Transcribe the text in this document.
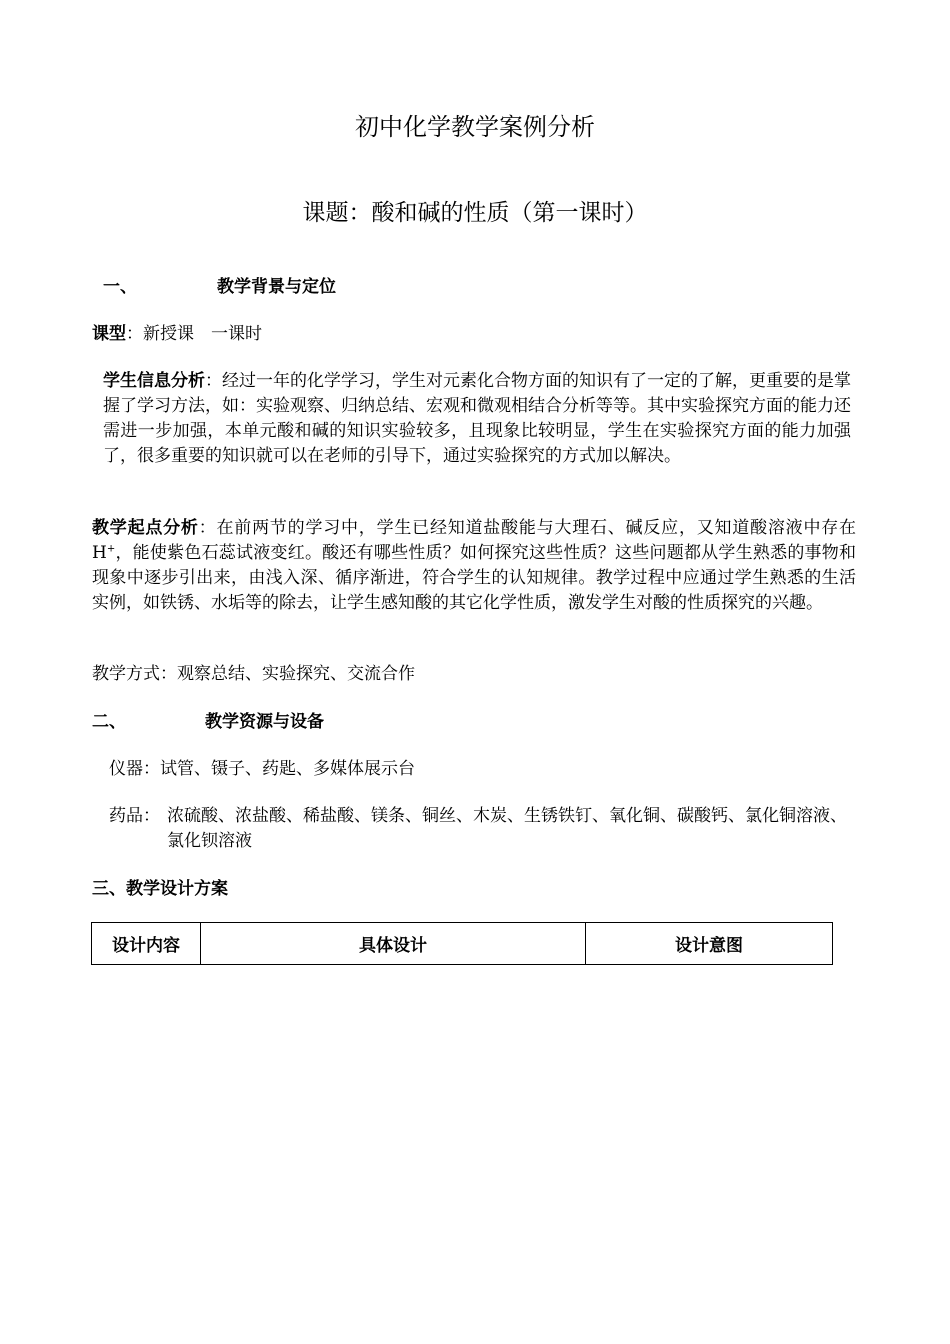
初中化学教学案例分析
课题：酸和碱的性质（第一课时）
一、	教学背景与定位
课型：新授课　一课时
学生信息分析：经过一年的化学学习，学生对元素化合物方面的知识有了一定的了解，更重要的是掌握了学习方法，如：实验观察、归纳总结、宏观和微观相结合分析等等。其中实验探究方面的能力还需进一步加强，本单元酸和碱的知识实验较多，且现象比较明显，学生在实验探究方面的能力加强了，很多重要的知识就可以在老师的引导下，通过实验探究的方式加以解决。
教学起点分析：在前两节的学习中，学生已经知道盐酸能与大理石、碱反应，又知道酸溶液中存在 H+，能使紫色石蕊试液变红。酸还有哪些性质？如何探究这些性质？这些问题都从学生熟悉的事物和现象中逐步引出来，由浅入深、循序渐进，符合学生的认知规律。教学过程中应通过学生熟悉的生活实例，如铁锈、水垢等的除去，让学生感知酸的其它化学性质，激发学生对酸的性质探究的兴趣。
教学方式：观察总结、实验探究、交流合作
二、	教学资源与设备
仪器：试管、镊子、药匙、多媒体展示台
药品： 浓硫酸、浓盐酸、稀盐酸、镁条、铜丝、木炭、生锈铁钉、氧化铜、碳酸钙、氯化铜溶液、氯化钡溶液
三、教学设计方案
设计内容	具体设计	设计意图
